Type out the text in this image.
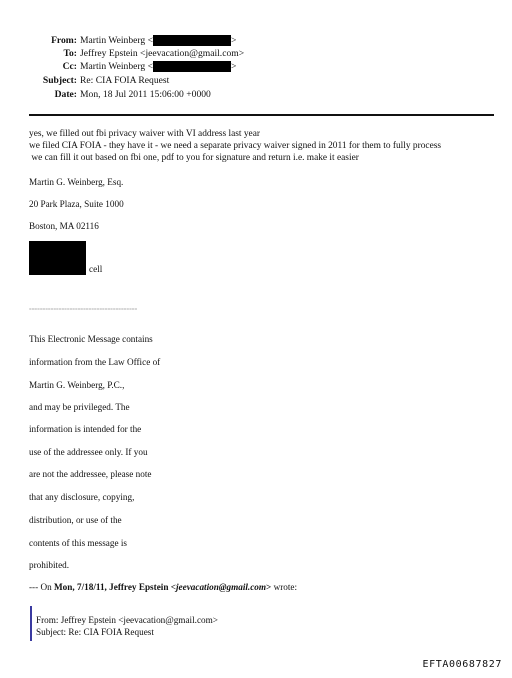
From: Martin Weinberg <	>
To: Jeffrey Epstein <jeevacation@gmail.com>
Cc: Martin Weinberg <	>
Subject: Re: CIA FOIA Request
Date: Mon, 18 Jul 2011 15:06:00 +0000
yes, we filled out fbi privacy waiver with VI address last year
we filed CIA FOIA - they have it - we need a separate privacy waiver signed in 2011 for them to fully process
we can fill it out based on fbi one, pdf to you for signature and return i.e. make it easier
Martin G. Weinberg, Esq.
20 Park Plaza, Suite 1000
Boston, MA 02116
cell
========================================
This Electronic Message contains
information from the Law Office of
Martin G. Weinberg, P.C.,
and may be privileged. The
information is intended for the
use of the addressee only. If you
are not the addressee, please note
that any disclosure, copying,
distribution, or use of the
contents of this message is
prohibited.
--- On Mon, 7/18/11, Jeffrey Epstein <jeevacation@gmail.com> wrote:
From: Jeffrey Epstein <jeevacation@gmail.com>
Subject: Re: CIA FOIA Request
EFTA00687827
